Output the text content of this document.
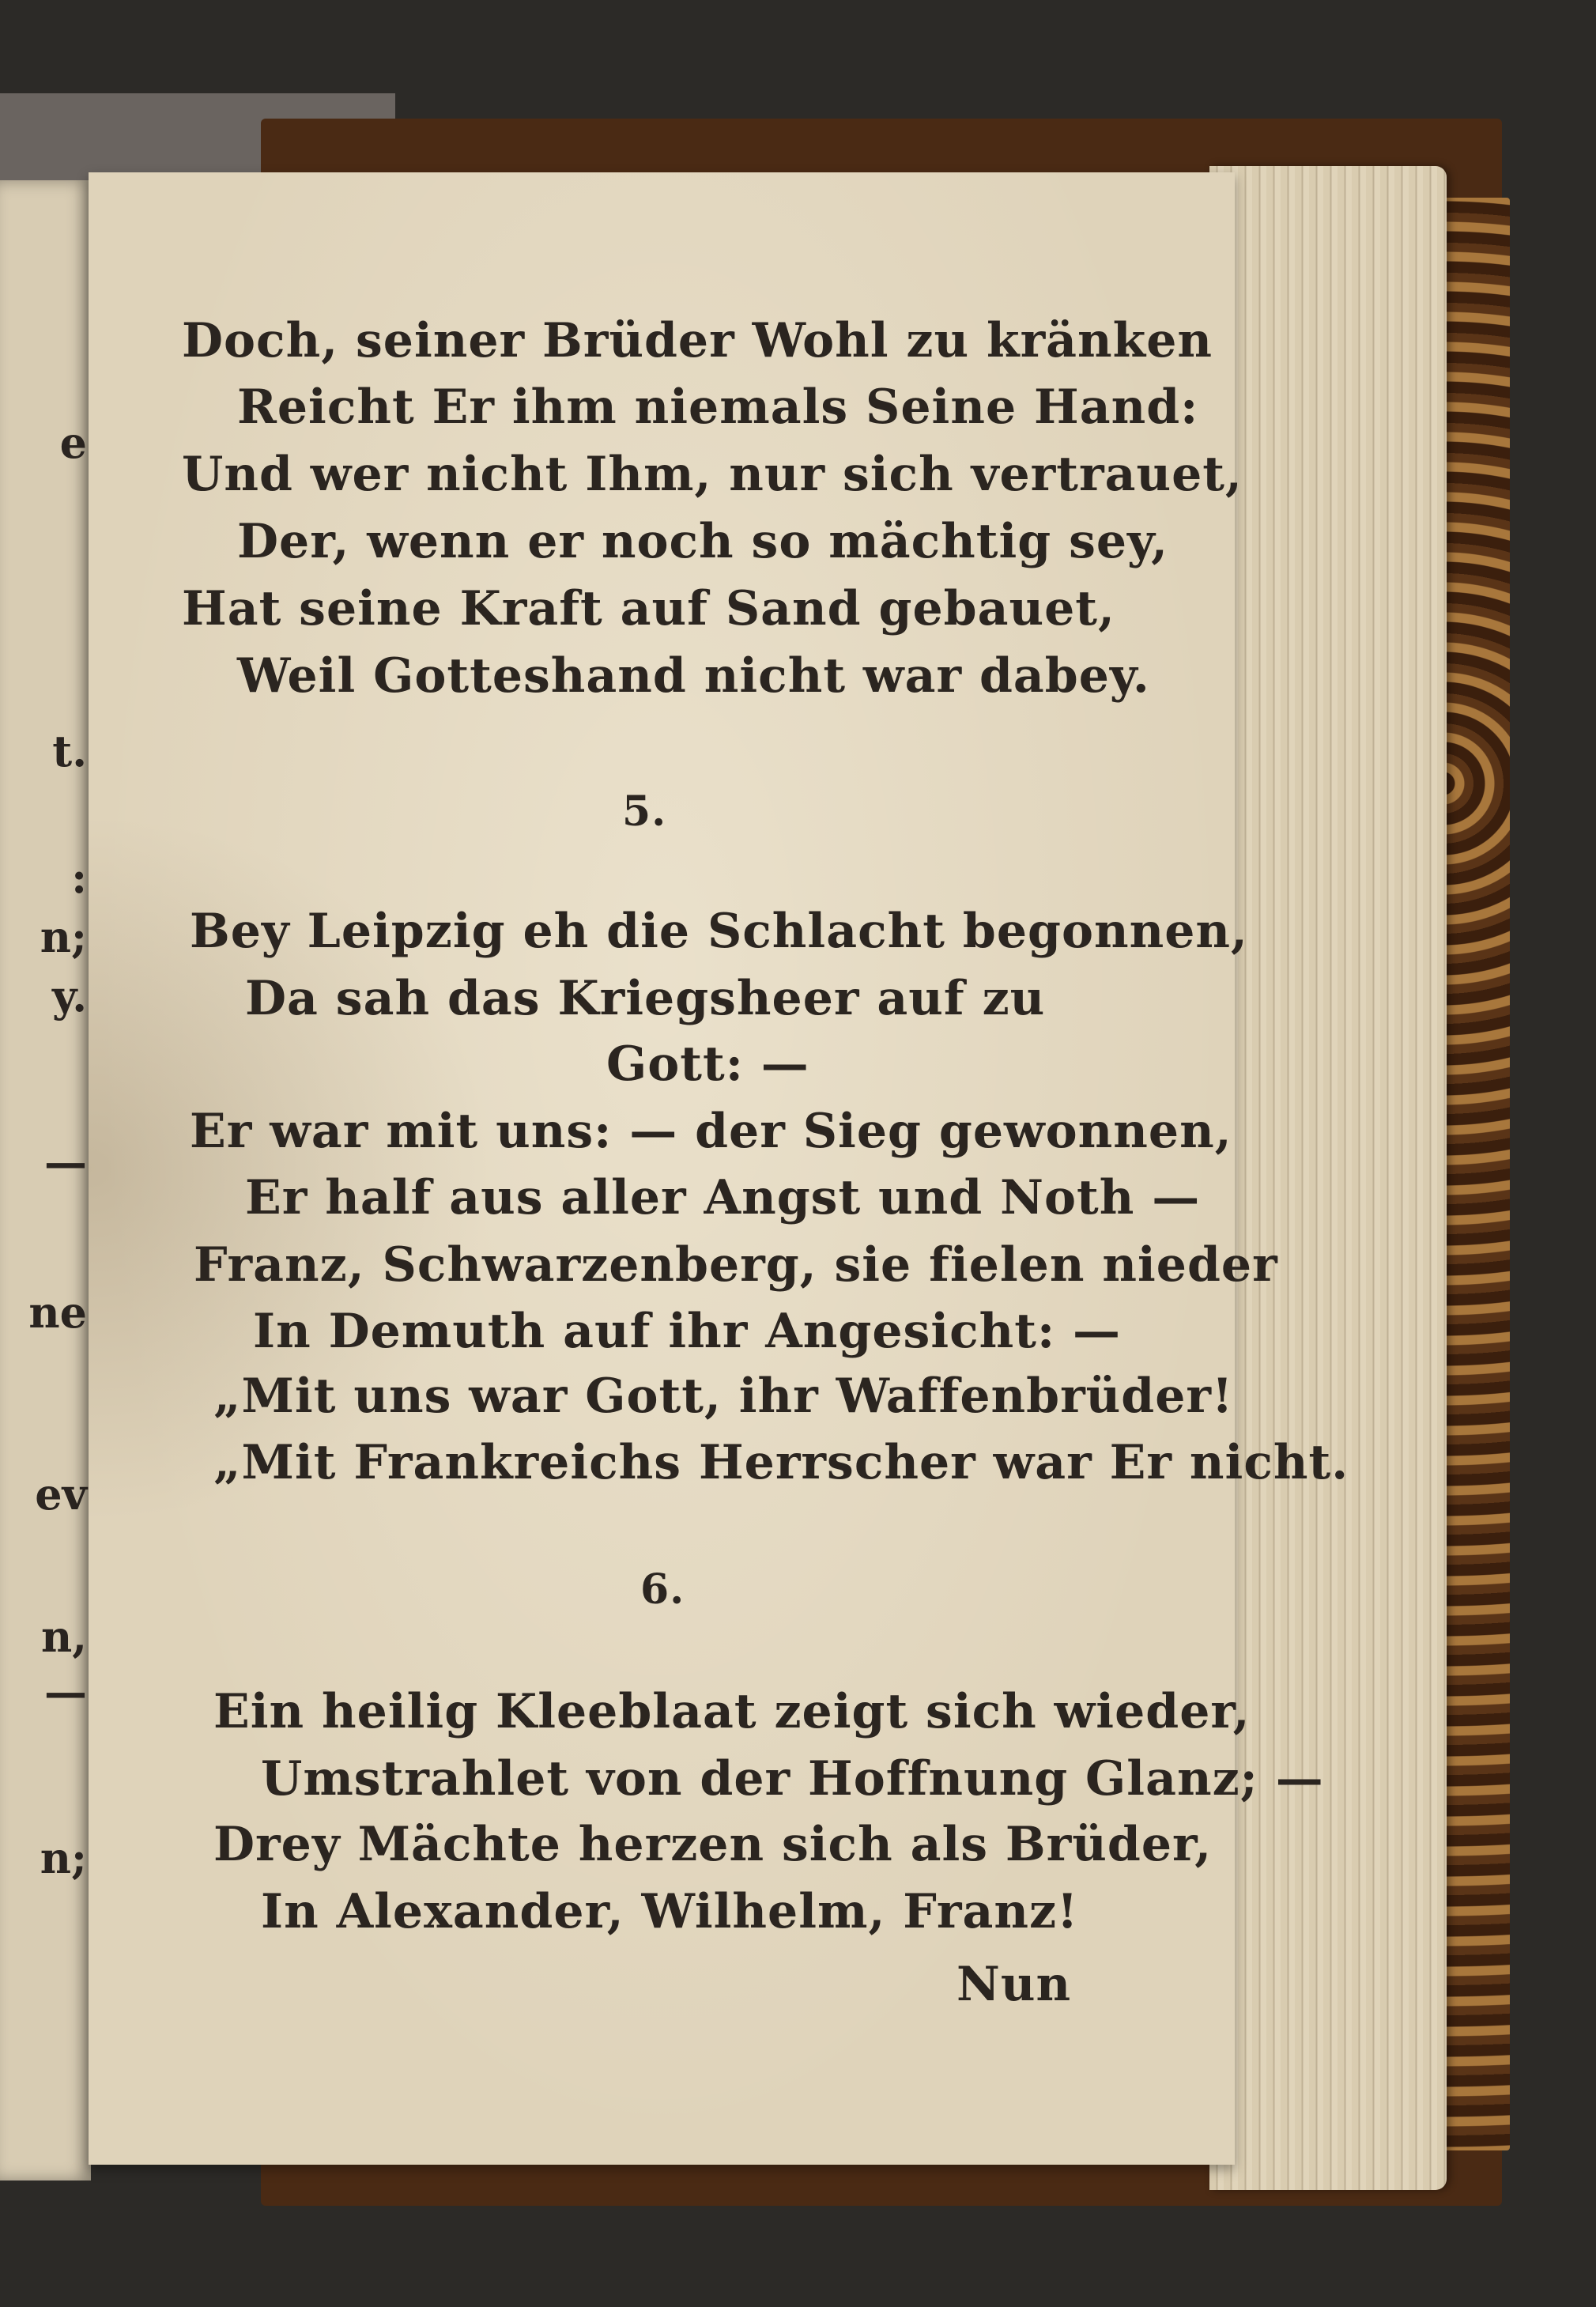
e
t.
:
n;
y.
—
ne
ev
n,
—
n;
Doch, seiner Brüder Wohl zu kränken
Reicht Er ihm niemals Seine Hand:
Und wer nicht Ihm, nur sich vertrauet,
Der, wenn er noch so mächtig sey,
Hat seine Kraft auf Sand gebauet,
Weil Gotteshand nicht war dabey.
5.
Bey Leipzig eh die Schlacht begonnen,
Da sah das Kriegsheer auf zu
Gott: —
Er war mit uns: — der Sieg gewonnen,
Er half aus aller Angst und Noth —
Franz, Schwarzenberg, sie fielen nieder
In Demuth auf ihr Angesicht: —
„Mit uns war Gott, ihr Waffenbrüder!
„Mit Frankreichs Herrscher war Er nicht.
6.
Ein heilig Kleeblaat zeigt sich wieder,
Umstrahlet von der Hoffnung Glanz; —
Drey Mächte herzen sich als Brüder,
In Alexander, Wilhelm, Franz!
Nun
